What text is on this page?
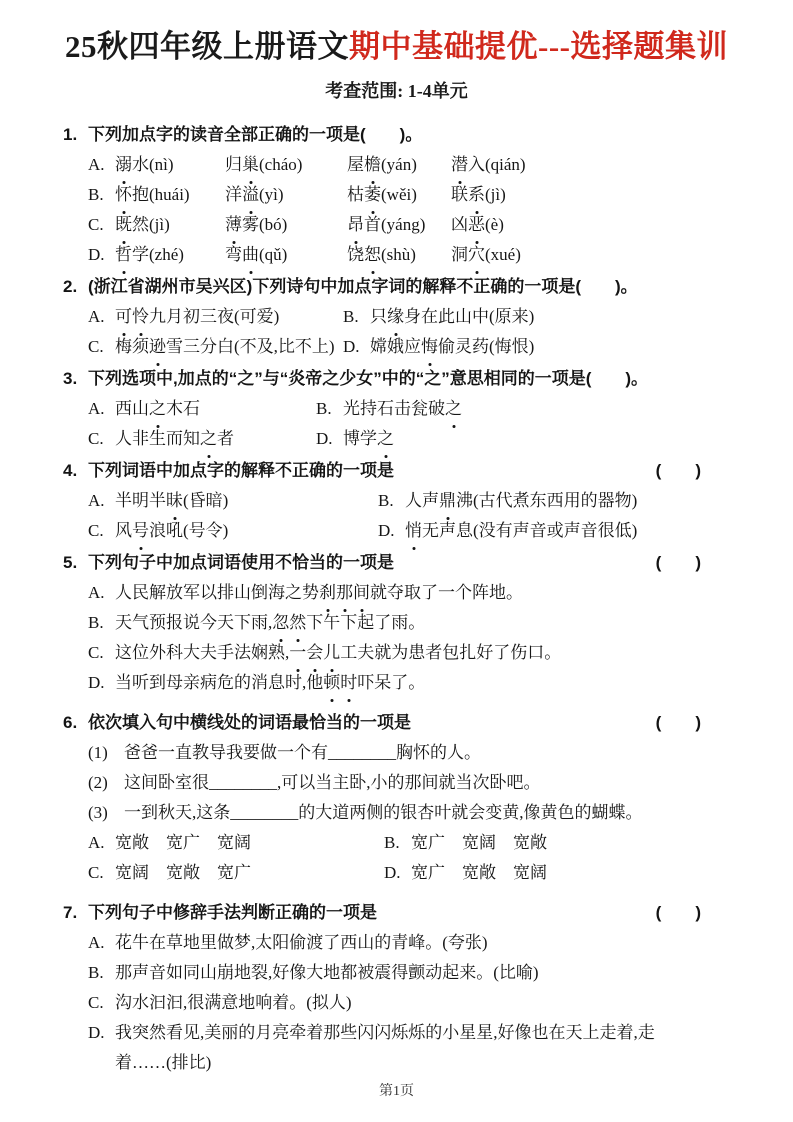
25秋四年级上册语文期中基础提优---选择题集训
考查范围: 1-4单元
1. 下列加点字的读音全部正确的一项是(　　)。
A. 溺水(nì)	归巢(cháo)	屋檐(yán)	潜入(qián)
B. 怀抱(huái)	洋溢(yì)	枯萎(wěi)	联系(jì)
C. 既然(jì)	薄雾(bó)	昂首(yáng)	凶恶(è)
D. 哲学(zhé)	弯曲(qǔ)	饶恕(shù)	洞穴(xué)
2. (浙江省湖州市吴兴区)下列诗句中加点字词的解释不正确的一项是(　　)。
A. 可怜九月初三夜(可爱)	B. 只缘身在此山中(原来)
C. 梅须逊雪三分白(不及,比不上) D. 嫦娥应悔偷灵药(悔恨)
3. 下列选项中,加点的“之”与“炎帝之少女”中的“之”意思相同的一项是(　　)。
A. 西山之木石	B. 光持石击瓮破之
C. 人非生而知之者	D. 博学之
4. 下列词语中加点字的解释不正确的一项是	(　　)
A. 半明半昧(昏暗)	B. 人声鼎沸(古代煮东西用的器物)
C. 风号浪吼(号令)	D. 悄无声息(没有声音或声音很低)
5. 下列句子中加点词语使用不恰当的一项是	(　　)
A. 人民解放军以排山倒海之势刹那间就夺取了一个阵地。
B. 天气预报说今天下雨,忽然下午下起了雨。
C. 这位外科大夫手法娴熟,一会儿工夫就为患者包扎好了伤口。
D. 当听到母亲病危的消息时,他顿时吓呆了。
6. 依次填入句中横线处的词语最恰当的一项是	(　　)
(1) 爸爸一直教导我要做一个有________胸怀的人。
(2) 这间卧室很________,可以当主卧,小的那间就当次卧吧。
(3) 一到秋天,这条________的大道两侧的银杏叶就会变黄,像黄色的蝴蝶。
A. 宽敞　宽广　宽阔	B. 宽广　宽阔　宽敞
C. 宽阔　宽敞　宽广	D. 宽广　宽敞　宽阔
7. 下列句子中修辞手法判断正确的一项是	(　　)
A. 花牛在草地里做梦,太阳偷渡了西山的青峰。(夸张)
B. 那声音如同山崩地裂,好像大地都被震得颤动起来。(比喻)
C. 沟水汩汩,很满意地响着。(拟人)
D. 我突然看见,美丽的月亮牵着那些闪闪烁烁的小星星,好像也在天上走着,走着……(排比)
第1页
